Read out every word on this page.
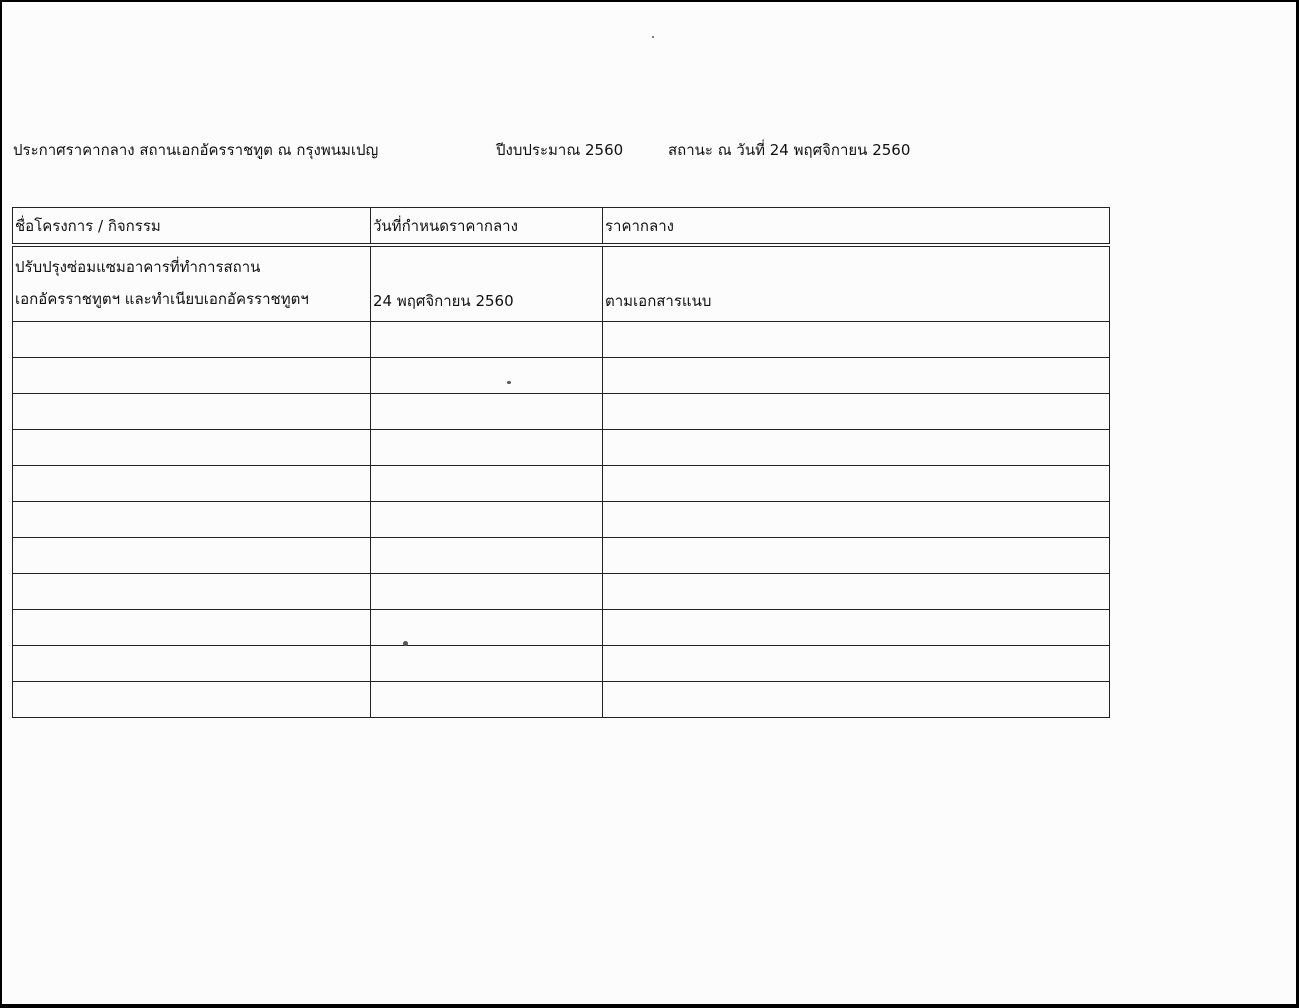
ประกาศราคากลาง สถานเอกอัครราชทูต ณ กรุงพนมเปญ	ปีงบประมาณ 2560	สถานะ ณ วันที่ 24 พฤศจิกายน 2560
ชื่อโครงการ / กิจกรรม	วันที่กำหนดราคากลาง	ราคากลาง

ปรับปรุงซ่อมแซมอาคารที่ทำการสถาน
เอกอัครราชทูตฯ และทำเนียบเอกอัครราชทูตฯ	24 พฤศจิกายน 2560	ตามเอกสารแนบ
